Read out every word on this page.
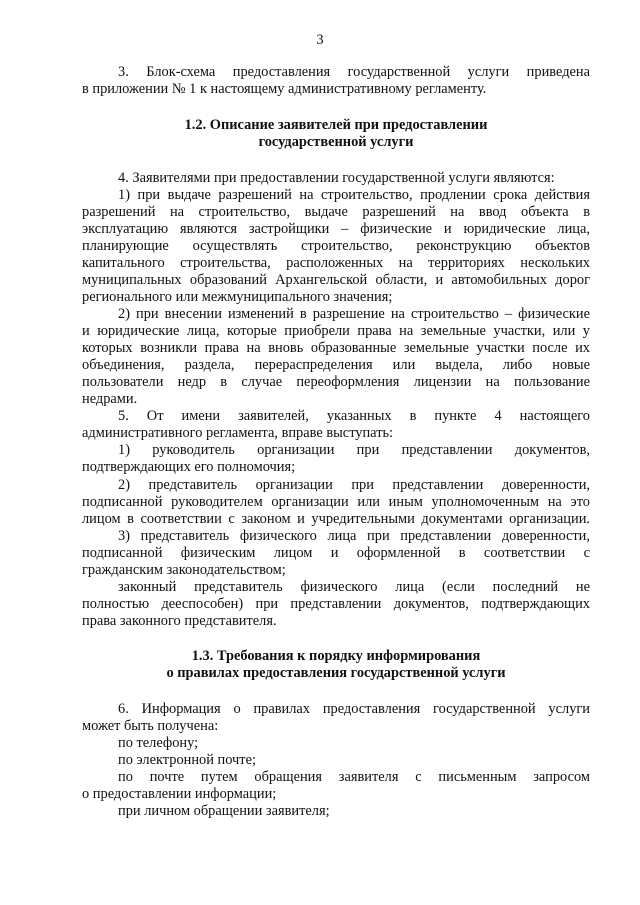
3
3. Блок-схема предоставления государственной услуги приведена
в приложении № 1 к настоящему административному регламенту.
1.2. Описание заявителей при предоставлении
государственной услуги
4. Заявителями при предоставлении государственной услуги являются:
1) при выдаче разрешений на строительство, продлении срока действия
разрешений на строительство, выдаче разрешений на ввод объекта в
эксплуатацию являются застройщики – физические и юридические лица,
планирующие осуществлять строительство, реконструкцию объектов
капитального строительства, расположенных на территориях нескольких
муниципальных образований Архангельской области, и автомобильных дорог
регионального или межмуниципального значения;
2) при внесении изменений в разрешение на строительство – физические
и юридические лица, которые приобрели права на земельные участки, или у
которых возникли права на вновь образованные земельные участки после их
объединения, раздела, перераспределения или выдела, либо новые
пользователи недр в случае переоформления лицензии на пользование
недрами.
5. От имени заявителей, указанных в пункте 4 настоящего
административного регламента, вправе выступать:
1) руководитель организации при представлении документов,
подтверждающих его полномочия;
2) представитель организации при представлении доверенности,
подписанной руководителем организации или иным уполномоченным на это
лицом в соответствии с законом и учредительными документами организации.
3) представитель физического лица при представлении доверенности,
подписанной физическим лицом и оформленной в соответствии с
гражданским законодательством;
законный представитель физического лица (если последний не
полностью дееспособен) при представлении документов, подтверждающих
права законного представителя.
1.3. Требования к порядку информирования
о правилах предоставления государственной услуги
6. Информация о правилах предоставления государственной услуги
может быть получена:
по телефону;
по электронной почте;
по почте путем обращения заявителя с письменным запросом
о предоставлении информации;
при личном обращении заявителя;
